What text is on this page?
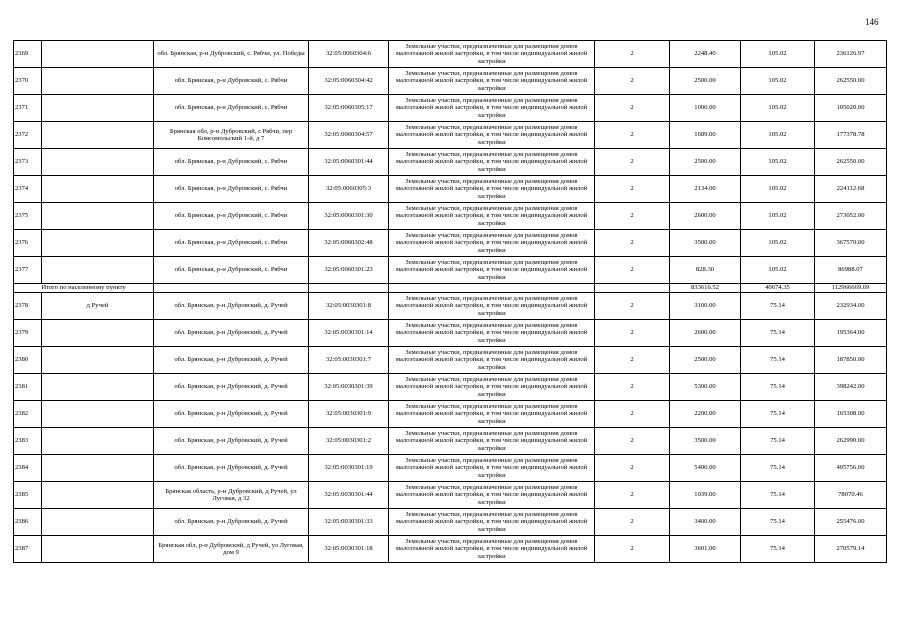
146
2369		обл. Брянская, р-н Дубровский, с. Рябчи, ул. Победы	32:05:0060304:6	Земельные участки, предназначенные для размещения домов малоэтажной жилой застройки, в том числе индивидуальной жилой застройки	2	2248.40	105.02	236126.97
2370		обл. Брянская, р-н Дубровский, с. Рябчи	32:05:0060304:42	Земельные участки, предназначенные для размещения домов малоэтажной жилой застройки, в том числе индивидуальной жилой застройки	2	2500.00	105.02	262550.00
2371		обл. Брянская, р-н Дубровский, с. Рябчи	32:05:0060305:17	Земельные участки, предназначенные для размещения домов малоэтажной жилой застройки, в том числе индивидуальной жилой застройки	2	1000.00	105.02	105020.00
2372		Брянская обл, р-н Дубровский, с Рябчи, пер Комсомольский 1-й, д 7	32:05:0060304:57	Земельные участки, предназначенные для размещения домов малоэтажной жилой застройки, в том числе индивидуальной жилой застройки	2	1689.00	105.02	177378.78
2373		обл. Брянская, р-н Дубровский, с. Рябчи	32:05:0060301:44	Земельные участки, предназначенные для размещения домов малоэтажной жилой застройки, в том числе индивидуальной жилой застройки	2	2500.00	105.02	262550.00
2374		обл. Брянская, р-н Дубровский, с. Рябчи	32:05:0060305:3	Земельные участки, предназначенные для размещения домов малоэтажной жилой застройки, в том числе индивидуальной жилой застройки	2	2134.00	105.02	224112.68
2375		обл. Брянская, р-н Дубровский, с. Рябчи	32:05:0060301:30	Земельные участки, предназначенные для размещения домов малоэтажной жилой застройки, в том числе индивидуальной жилой застройки	2	2600.00	105.02	273052.00
2376		обл. Брянская, р-н Дубровский, с. Рябчи	32:05:0060302:48	Земельные участки, предназначенные для размещения домов малоэтажной жилой застройки, в том числе индивидуальной жилой застройки	2	3500.00	105.02	367570.00
2377		обл. Брянская, р-н Дубровский, с. Рябчи	32:05:0060301:23	Земельные участки, предназначенные для размещения домов малоэтажной жилой застройки, в том числе индивидуальной жилой застройки	2	828.30	105.02	86988.07
Итого по населенному пункту						833616.52	40674.35	112966669.69
2378	д Ручей	обл. Брянская, р-н Дубровский, д. Ручей	32:05:0030301:8	Земельные участки, предназначенные для размещения домов малоэтажной жилой застройки, в том числе индивидуальной жилой застройки	2	3100.00	75.14	232934.00
2379		обл. Брянская, р-н Дубровский, д. Ручей	32:05:0030301:14	Земельные участки, предназначенные для размещения домов малоэтажной жилой застройки, в том числе индивидуальной жилой застройки	2	2600.00	75.14	195364.00
2380		обл. Брянская, р-н Дубровский, д. Ручей	32:05:0030301:7	Земельные участки, предназначенные для размещения домов малоэтажной жилой застройки, в том числе индивидуальной жилой застройки	2	2500.00	75.14	187850.00
2381		обл. Брянская, р-н Дубровский, д. Ручей	32:05:0030301:39	Земельные участки, предназначенные для размещения домов малоэтажной жилой застройки, в том числе индивидуальной жилой застройки	2	5300.00	75.14	398242.00
2382		обл. Брянская, р-н Дубровский, д. Ручей	32:05:0030301:9	Земельные участки, предназначенные для размещения домов малоэтажной жилой застройки, в том числе индивидуальной жилой застройки	2	2200.00	75.14	165308.00
2383		обл. Брянская, р-н Дубровский, д. Ручей	32:05:0030301:2	Земельные участки, предназначенные для размещения домов малоэтажной жилой застройки, в том числе индивидуальной жилой застройки	2	3500.00	75.14	262990.00
2384		обл. Брянская, р-н Дубровский, д. Ручей	32:05:0030301:19	Земельные участки, предназначенные для размещения домов малоэтажной жилой застройки, в том числе индивидуальной жилой застройки	2	5400.00	75.14	405756.00
2385		Брянская область, р-н Дубровский, д Ручей, ул Луговая, д 32	32:05:0030301:44	Земельные участки, предназначенные для размещения домов малоэтажной жилой застройки, в том числе индивидуальной жилой застройки	2	1039.00	75.14	78070.46
2386		обл. Брянская, р-н Дубровский, д. Ручей	32:05:0030301:33	Земельные участки, предназначенные для размещения домов малоэтажной жилой застройки, в том числе индивидуальной жилой застройки	2	3400.00	75.14	255476.00
2387		Брянская обл, р-н Дубровский, д Ручей, ул Луговая, дом 9	32:05:0030301:18	Земельные участки, предназначенные для размещения домов малоэтажной жилой застройки, в том числе индивидуальной жилой застройки	2	3601.00	75.14	270579.14
